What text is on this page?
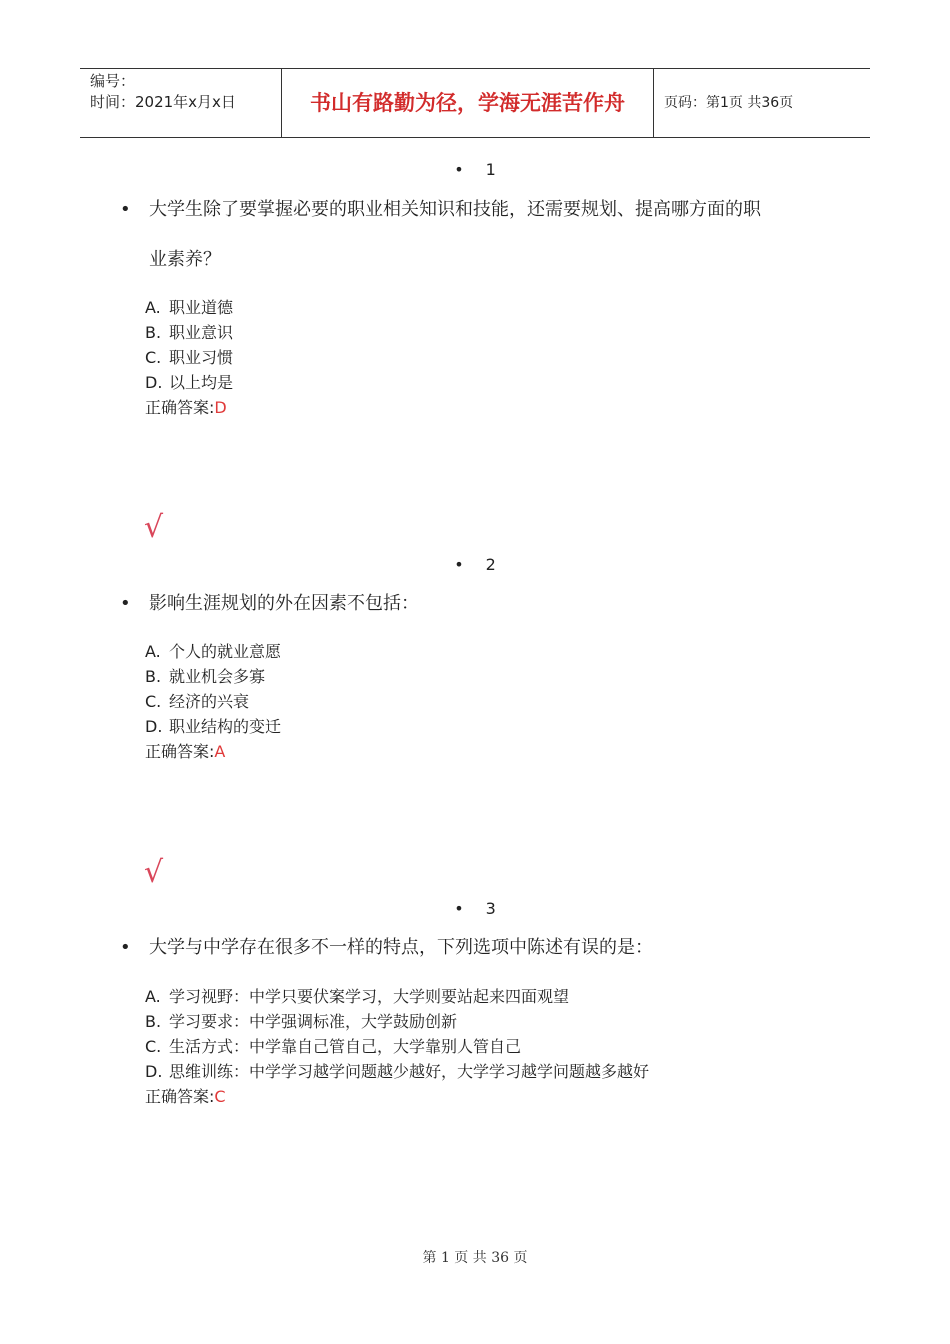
编号：
时间：2021年x月x日	书山有路勤为径，学海无涯苦作舟	页码：第1页 共36页
• 1
• 大学生除了要掌握必要的职业相关知识和技能，还需要规划、提高哪方面的职
业素养？
A. 职业道德
B. 职业意识
C. 职业习惯
D. 以上均是
正确答案:D
√
• 2
• 影响生涯规划的外在因素不包括：
A. 个人的就业意愿
B. 就业机会多寡
C. 经济的兴衰
D. 职业结构的变迁
正确答案:A
√
• 3
• 大学与中学存在很多不一样的特点，下列选项中陈述有误的是：
A. 学习视野：中学只要伏案学习，大学则要站起来四面观望
B. 学习要求：中学强调标准，大学鼓励创新
C. 生活方式：中学靠自己管自己，大学靠别人管自己
D. 思维训练：中学学习越学问题越少越好，大学学习越学问题越多越好
正确答案:C
第 1 页 共 36 页
